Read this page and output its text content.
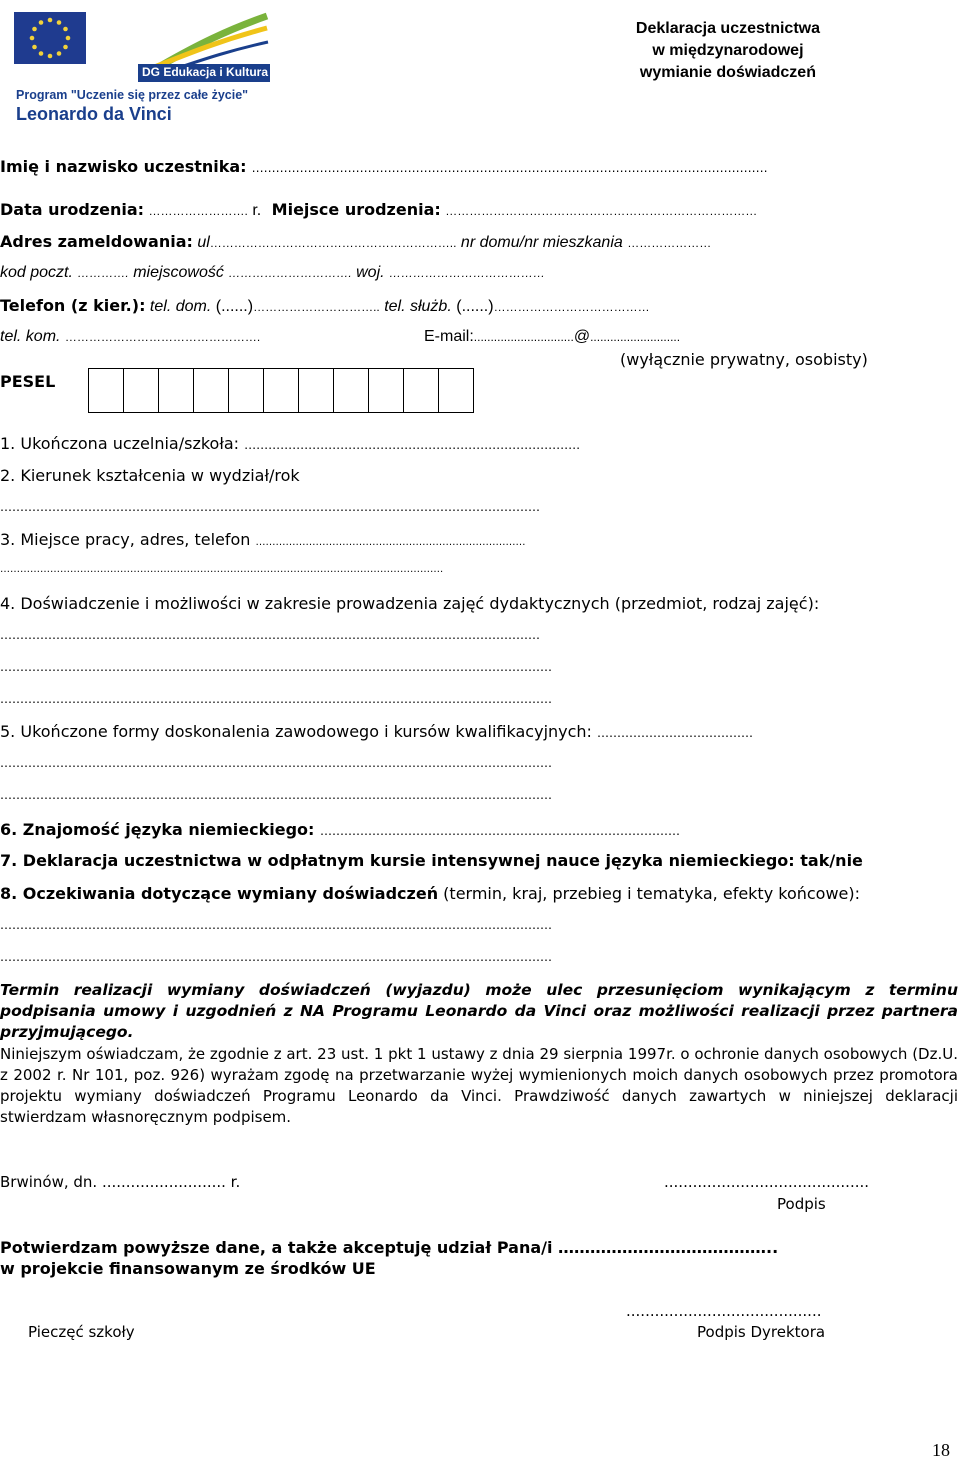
DG Edukacja i Kultura
Program "Uczenie się przez całe życie"
Leonardo da Vinci
Deklaracja uczestnictwa
w międzynarodowej
wymianie doświadczeń
Imię i nazwisko uczestnika: …………………………………………………………………………………………………………………
Data urodzenia: ……………………. r. Miejsce urodzenia: ……………………………………………………………………
Adres zameldowania: ul…………………………………………………….. nr domu/nr mieszkania …………………
kod poczt. …………. miejscowość …………………………. woj. …………………………………
Telefon (z kier.): tel. dom. (......)………………………….. tel. służb. (......)…………………………………
tel. kom. ………………………………………….	E-mail:..............................@...........................
(wyłącznie prywatny, osobisty)
PESEL
1. Ukończona uczelnia/szkoła: …………………………………………………………………………
2. Kierunek kształcenia w wydział/rok
………………………………………………………………………………………………………………………
3. Miejsce pracy, adres, telefon ………………………………………………………………………
…………………………………………………………………………………………………………………….
4. Doświadczenie i możliwości w zakresie prowadzenia zajęć dydaktycznych (przedmiot, rodzaj zajęć):
………………………………………………………………………………………………………………………
…………………………………………………………………………………………………………………………
…………………………………………………………………………………………………………………………
5. Ukończone formy doskonalenia zawodowego i kursów kwalifikacyjnych: …………………………………
…………………………………………………………………………………………………………………………
…………………………………………………………………………………………………………………………
6. Znajomość języka niemieckiego: ………………………………………………………………………………
7. Deklaracja uczestnictwa w odpłatnym kursie intensywnej nauce języka niemieckiego: tak/nie
8. Oczekiwania dotyczące wymiany doświadczeń (termin, kraj, przebieg i tematyka, efekty końcowe):
…………………………………………………………………………………………………………………………
…………………………………………………………………………………………………………………………
Termin realizacji wymiany doświadczeń (wyjazdu) może ulec przesunięciom wynikającym z terminu podpisania umowy i uzgodnień z NA Programu Leonardo da Vinci oraz możliwości realizacji przez partnera przyjmującego.
Niniejszym oświadczam, że zgodnie z art. 23 ust. 1 pkt 1 ustawy z dnia 29 sierpnia 1997r. o ochronie danych osobowych (Dz.U. z 2002 r. Nr 101, poz. 926) wyrażam zgodę na przetwarzanie wyżej wymienionych moich danych osobowych przez promotora projektu wymiany doświadczeń Programu Leonardo da Vinci. Prawdziwość danych zawartych w niniejszej deklaracji stwierdzam własnoręcznym podpisem.
Brwinów, dn. .......................... r.	...........................................
Podpis
Potwierdzam powyższe dane, a także akceptuję udział Pana/i …………………………………..
w projekcie finansowanym ze środków UE
.........................................
Pieczęć szkoły	Podpis Dyrektora
18
